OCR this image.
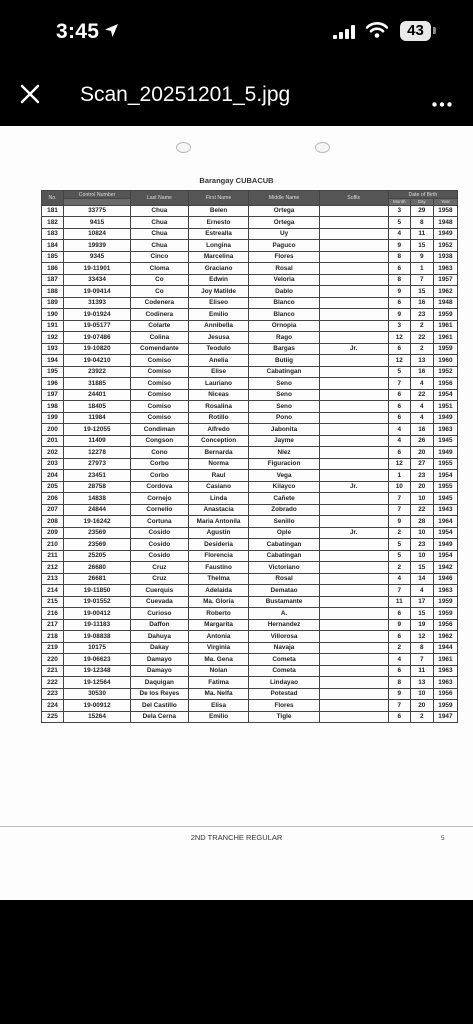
3:45	43
Scan_20251201_5.jpg
Barangay CUBACUB
No.	Control Number	Last Name	First Name	Middle Name	Suffix	Date of Birth		
						Month	Day	Year
181	33775	Chua	Belen	Ortega		3	29	1958
182	9415	Chua	Ernesto	Ortega		5	8	1948
183	10824	Chua	Estrealla	Uy		4	11	1949
184	19939	Chua	Longina	Paguco		9	15	1952
185	9345	Cinco	Marcelina	Flores		8	9	1938
186	19-11901	Cloma	Graciano	Rosal		6	1	1963
187	33434	Co	Edwin	Veloria		8	7	1957
188	19-09414	Co	Joy Matilde	Dablo		9	15	1962
189	31393	Codenera	Eliseo	Blanco		6	16	1948
190	19-01924	Codinera	Emilio	Blanco		9	23	1959
191	19-05177	Colarte	Annibella	Ornopia		3	2	1961
192	19-07486	Colina	Jesusa	Rago		12	22	1961
193	19-10820	Comendante	Teodulo	Bargas	Jr.	6	2	1959
194	19-04210	Comiso	Anelia	Butiig		12	13	1960
195	23922	Comiso	Elise	Cabatingan		5	16	1952
196	31885	Comiso	Lauriano	Seno		7	4	1956
197	24401	Comiso	Niceas	Seno		6	22	1954
198	18405	Comiso	Rosalina	Seno		6	4	1951
199	11984	Comiso	Rotillo	Pono		6	4	1949
200	19-12055	Condiman	Alfredo	Jabonita		4	16	1963
201	11409	Congson	Conception	Jayme		4	26	1945
202	12278	Cono	Bernarda	Nlez		6	20	1949
203	27973	Corbo	Norma	Figuracion		12	27	1955
204	23451	Corbo	Raul	Vega		1	23	1954
205	28758	Cordova	Casiano	Kilayco	Jr.	10	20	1955
206	14838	Cornejo	Linda	Cañete		7	10	1945
207	24844	Cornelio	Anastacia	Zobrado		7	22	1943
208	19-16242	Cortuna	Maria Antonila	Senillo		9	28	1964
209	23569	Cosido	Agustin	Ople	Jr.	2	10	1954
210	23569	Cosido	Desideria	Cabatingan		5	23	1949
211	25205	Cosido	Florencia	Cabatingan		5	10	1954
212	26680	Cruz	Faustino	Victoriano		2	15	1942
213	26681	Cruz	Thelma	Rosal		4	14	1946
214	19-11850	Cuerquis	Adelaida	Dematao		7	4	1963
215	19-01552	Cuevada	Ma. Gloria	Bustamante		11	17	1959
216	19-00412	Curioso	Roberto	A.		6	15	1959
217	19-11183	Daffon	Margarita	Hernandez		9	19	1956
218	19-08838	Dahuya	Antonia	Villorosa		6	12	1962
219	10175	Dakay	Virginia	Navaja		2	8	1944
220	19-06623	Damayo	Ma. Gena	Cometa		4	7	1961
221	19-12348	Damayo	Nolan	Cometa		6	11	1963
222	19-12564	Daquigan	Fatima	Lindayao		8	13	1963
223	30530	De los Reyes	Ma. Nelfa	Potestad		9	10	1956
224	19-00912	Del Castillo	Elisa	Flores		7	20	1959
225	15264	Dela Cerna	Emilio	Tigle		6	2	1947
2ND TRANCHE REGULAR	5
